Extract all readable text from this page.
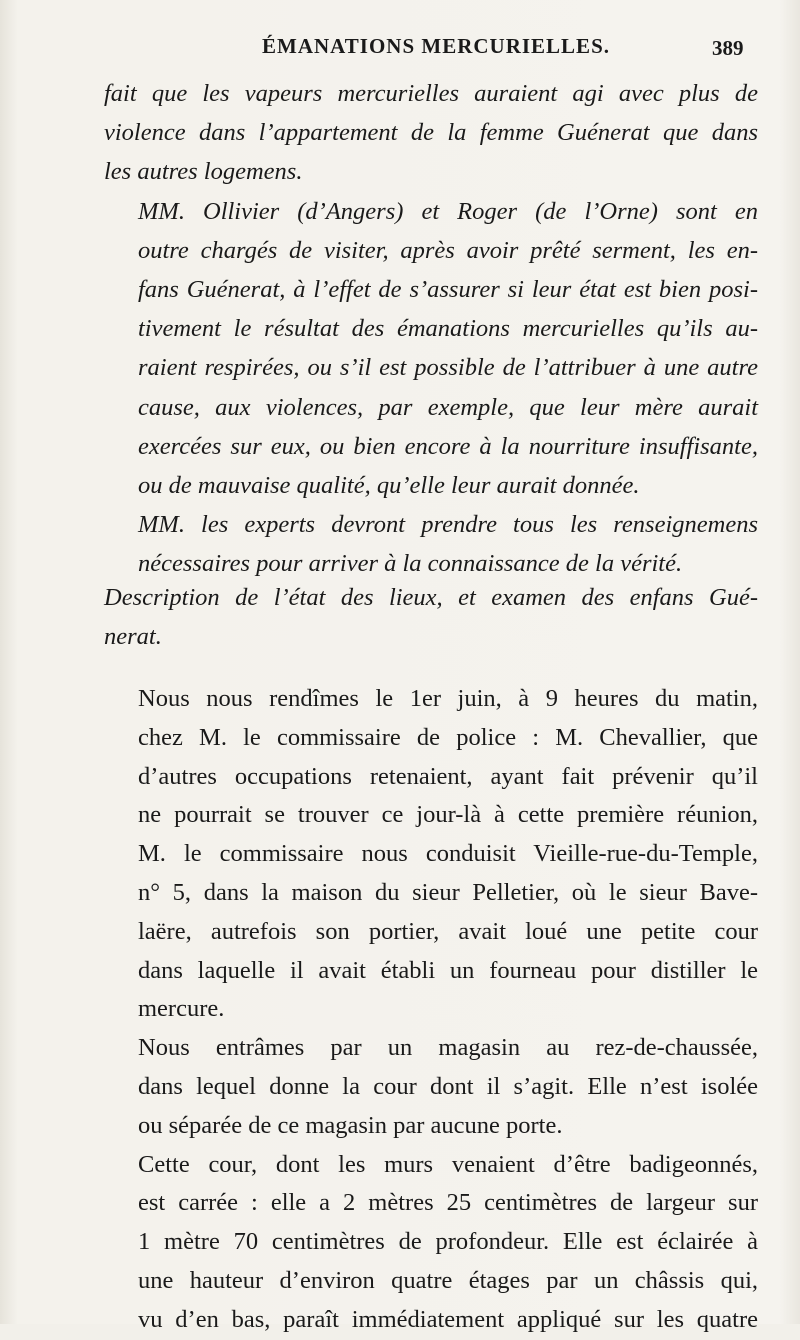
ÉMANATIONS MERCURIELLES.	389

fait que les vapeurs mercurielles auraient agi avec plus de
violence dans l’appartement de la femme Guénerat que dans
les autres logemens.

MM. Ollivier (d’Angers) et Roger (de l’Orne) sont en
outre chargés de visiter, après avoir prêté serment, les en-
fans Guénerat, à l’effet de s’assurer si leur état est bien posi-
tivement le résultat des émanations mercurielles qu’ils au-
raient respirées, ou s’il est possible de l’attribuer à une autre
cause, aux violences, par exemple, que leur mère aurait
exercées sur eux, ou bien encore à la nourriture insuffisante,
ou de mauvaise qualité, qu’elle leur aurait donnée.

MM. les experts devront prendre tous les renseignemens
nécessaires pour arriver à la connaissance de la vérité.

Description de l’état des lieux, et examen des enfans Gué-
nerat.

Nous nous rendîmes le 1er juin, à 9 heures du matin,
chez M. le commissaire de police : M. Chevallier, que
d’autres occupations retenaient, ayant fait prévenir qu’il
ne pourrait se trouver ce jour-là à cette première réunion,
M. le commissaire nous conduisit Vieille-rue-du-Temple,
n° 5, dans la maison du sieur Pelletier, où le sieur Bave-
laëre, autrefois son portier, avait loué une petite cour
dans laquelle il avait établi un fourneau pour distiller le
mercure.

Nous entrâmes par un magasin au rez-de-chaussée,
dans lequel donne la cour dont il s’agit. Elle n’est isolée
ou séparée de ce magasin par aucune porte.

Cette cour, dont les murs venaient d’être badigeonnés,
est carrée : elle a 2 mètres 25 centimètres de largeur sur
1 mètre 70 centimètres de profondeur. Elle est éclairée à
une hauteur d’environ quatre étages par un châssis qui,
vu d’en bas, paraît immédiatement appliqué sur les quatre
